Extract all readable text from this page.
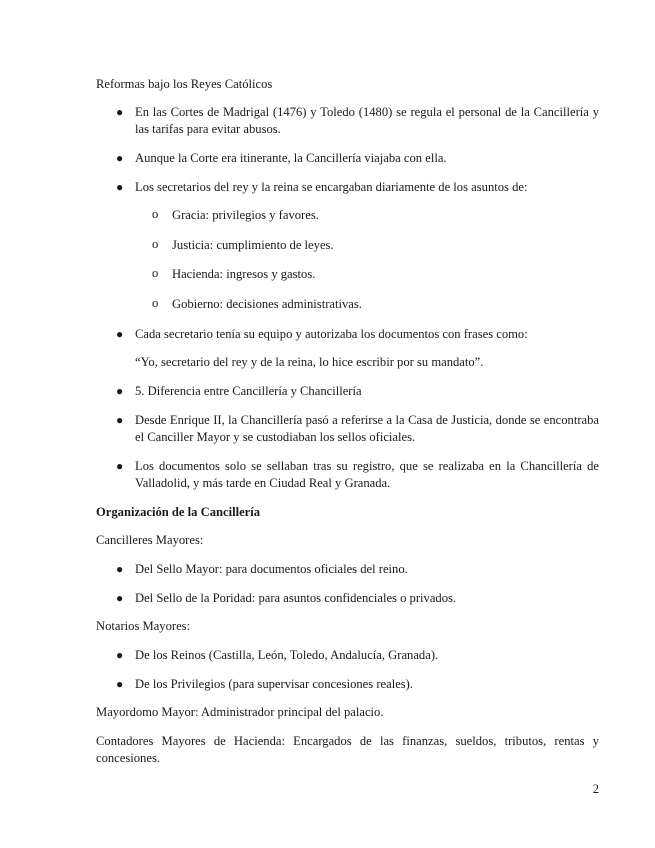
Reformas bajo los Reyes Católicos

● En las Cortes de Madrigal (1476) y Toledo (1480) se regula el personal de la Cancillería y las tarifas para evitar abusos.
● Aunque la Corte era itinerante, la Cancillería viajaba con ella.
● Los secretarios del rey y la reina se encargaban diariamente de los asuntos de:
o Gracia: privilegios y favores.
o Justicia: cumplimiento de leyes.
o Hacienda: ingresos y gastos.
o Gobierno: decisiones administrativas.
● Cada secretario tenía su equipo y autorizaba los documentos con frases como:

“Yo, secretario del rey y de la reina, lo hice escribir por su mandato”.

● 5. Diferencia entre Cancillería y Chancillería
● Desde Enrique II, la Chancillería pasó a referirse a la Casa de Justicia, donde se encontraba el Canciller Mayor y se custodiaban los sellos oficiales.
● Los documentos solo se sellaban tras su registro, que se realizaba en la Chancillería de Valladolid, y más tarde en Ciudad Real y Granada.

Organización de la Cancillería

Cancilleres Mayores:

● Del Sello Mayor: para documentos oficiales del reino.
● Del Sello de la Poridad: para asuntos confidenciales o privados.

Notarios Mayores:

● De los Reinos (Castilla, León, Toledo, Andalucía, Granada).
● De los Privilegios (para supervisar concesiones reales).

Mayordomo Mayor: Administrador principal del palacio.

Contadores Mayores de Hacienda: Encargados de las finanzas, sueldos, tributos, rentas y concesiones.

2
